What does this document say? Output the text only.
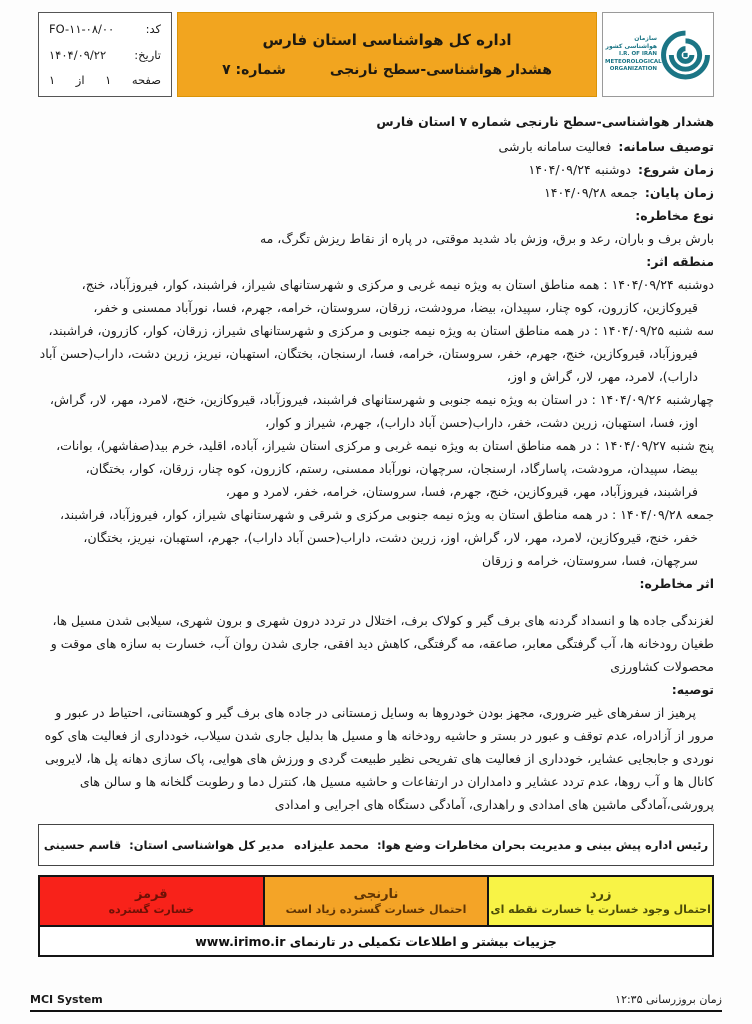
سازمان هواشناسی کشور
I.R. OF IRAN
METEOROLOGICAL
ORGANIZATION
اداره کل هواشناسی استان فارس
هشدار هواشناسی-سطح نارنجی
شماره: ۷
کد:
FO-۱۱-۰۸/۰۰
تاریخ:
۱۴۰۴/۰۹/۲۲
صفحه
۱
از
۱
هشدار هواشناسی-سطح نارنجی شماره ۷ استان فارس
توصیف سامانه:فعالیت سامانه بارشی
زمان شروع:دوشنبه ۱۴۰۴/۰۹/۲۴
زمان پایان:جمعه ۱۴۰۴/۰۹/۲۸
نوع مخاطره:
بارش برف و باران، رعد و برق، وزش باد شدید موقتی، در پاره از نقاط ریزش تگرگ، مه
منطقه اثر:
دوشنبه ۱۴۰۴/۰۹/۲۴ : همه مناطق استان به ویژه نیمه غربی و مرکزی و شهرستانهای شیراز، فراشبند، کوار، فیروزآباد، خنج، قیروکازین، کازرون، کوه چنار، سپیدان، بیضا، مرودشت، زرقان، سروستان، خرامه، جهرم، فسا، نورآباد ممسنی و خفر،
سه شنبه ۱۴۰۴/۰۹/۲۵ : در همه مناطق استان به ویژه نیمه جنوبی و مرکزی و شهرستانهای شیراز، زرقان، کوار، کازرون، فراشبند، فیروزآباد، قیروکازین، خنج، جهرم، خفر، سروستان، خرامه، فسا، ارسنجان، بختگان، استهبان، نیریز، زرین دشت، داراب(حسن آباد داراب)، لامرد، مهر، لار، گراش و اوز،
چهارشنبه ۱۴۰۴/۰۹/۲۶ : در استان به ویژه نیمه جنوبی و شهرستانهای فراشبند، فیروزآباد، قیروکازین، خنج، لامرد، مهر، لار، گراش، اوز، فسا، استهبان، زرین دشت، خفر، داراب(حسن آباد داراب)، جهرم، شیراز و کوار،
پنج شنبه ۱۴۰۴/۰۹/۲۷ : در همه مناطق استان به ویژه نیمه غربی و مرکزی استان شیراز، آباده، اقلید، خرم بید(صفاشهر)، بوانات، بیضا، سپیدان، مرودشت، پاسارگاد، ارسنجان، سرچهان، نورآباد ممسنی، رستم، کازرون، کوه چنار، زرقان، کوار، بختگان، فراشبند، فیروزآباد، مهر، قیروکازین، خنج، جهرم، فسا، سروستان، خرامه، خفر، لامرد و مهر،
جمعه ۱۴۰۴/۰۹/۲۸ : در همه مناطق استان به ویژه نیمه جنوبی مرکزی و شرقی و شهرستانهای شیراز، کوار، فیروزآباد، فراشبند، خفر، خنج، قیروکازین، لامرد، مهر، لار، گراش، اوز، زرین دشت، داراب(حسن آباد داراب)، جهرم، استهبان، نیریز، بختگان، سرچهان، فسا، سروستان، خرامه و زرقان
اثر مخاطره:
لغزندگی جاده ها و انسداد گردنه های برف گیر و کولاک برف، اختلال در تردد درون شهری و برون شهری، سیلابی شدن مسیل ها، طغیان رودخانه ها، آب گرفتگی معابر، صاعقه، مه گرفتگی، کاهش دید افقی، جاری شدن روان آب، خسارت به سازه های موقت و محصولات کشاورزی
توصیه:
پرهیز از سفرهای غیر ضروری، مجهز بودن خودروها به وسایل زمستانی در جاده های برف گیر و کوهستانی، احتیاط در عبور و مرور از آزادراه، عدم توقف و عبور در بستر و حاشیه رودخانه ها و مسیل ها بدلیل جاری شدن سیلاب، خودداری از فعالیت های کوه نوردی و جابجایی عشایر، خودداری از فعالیت های تفریحی نظیر طبیعت گردی و ورزش های هوایی، پاک سازی دهانه پل ها، لایروبی کانال ها و آب روها، عدم تردد عشایر و دامداران در ارتفاعات و حاشیه مسیل ها، کنترل دما و رطوبت گلخانه ها و سالن های پرورشی،آمادگی ماشین های امدادی و راهداری، آمادگی دستگاه های اجرایی و امدادی
رئیس اداره پیش بینی و مدیریت بحران مخاطرات وضع هوا:محمد علیزاده
مدیر کل هواشناسی استان:قاسم حسینی
زرد
احتمال وجود خسارت یا خسارت نقطه ای
نارنجی
احتمال خسارت گسترده زیاد است
قرمز
خسارت گسترده
جزییات بیشتر و اطلاعات تکمیلی در تارنمای www.irimo.ir
MCI System	زمان بروزرسانی ۱۲:۳۵
